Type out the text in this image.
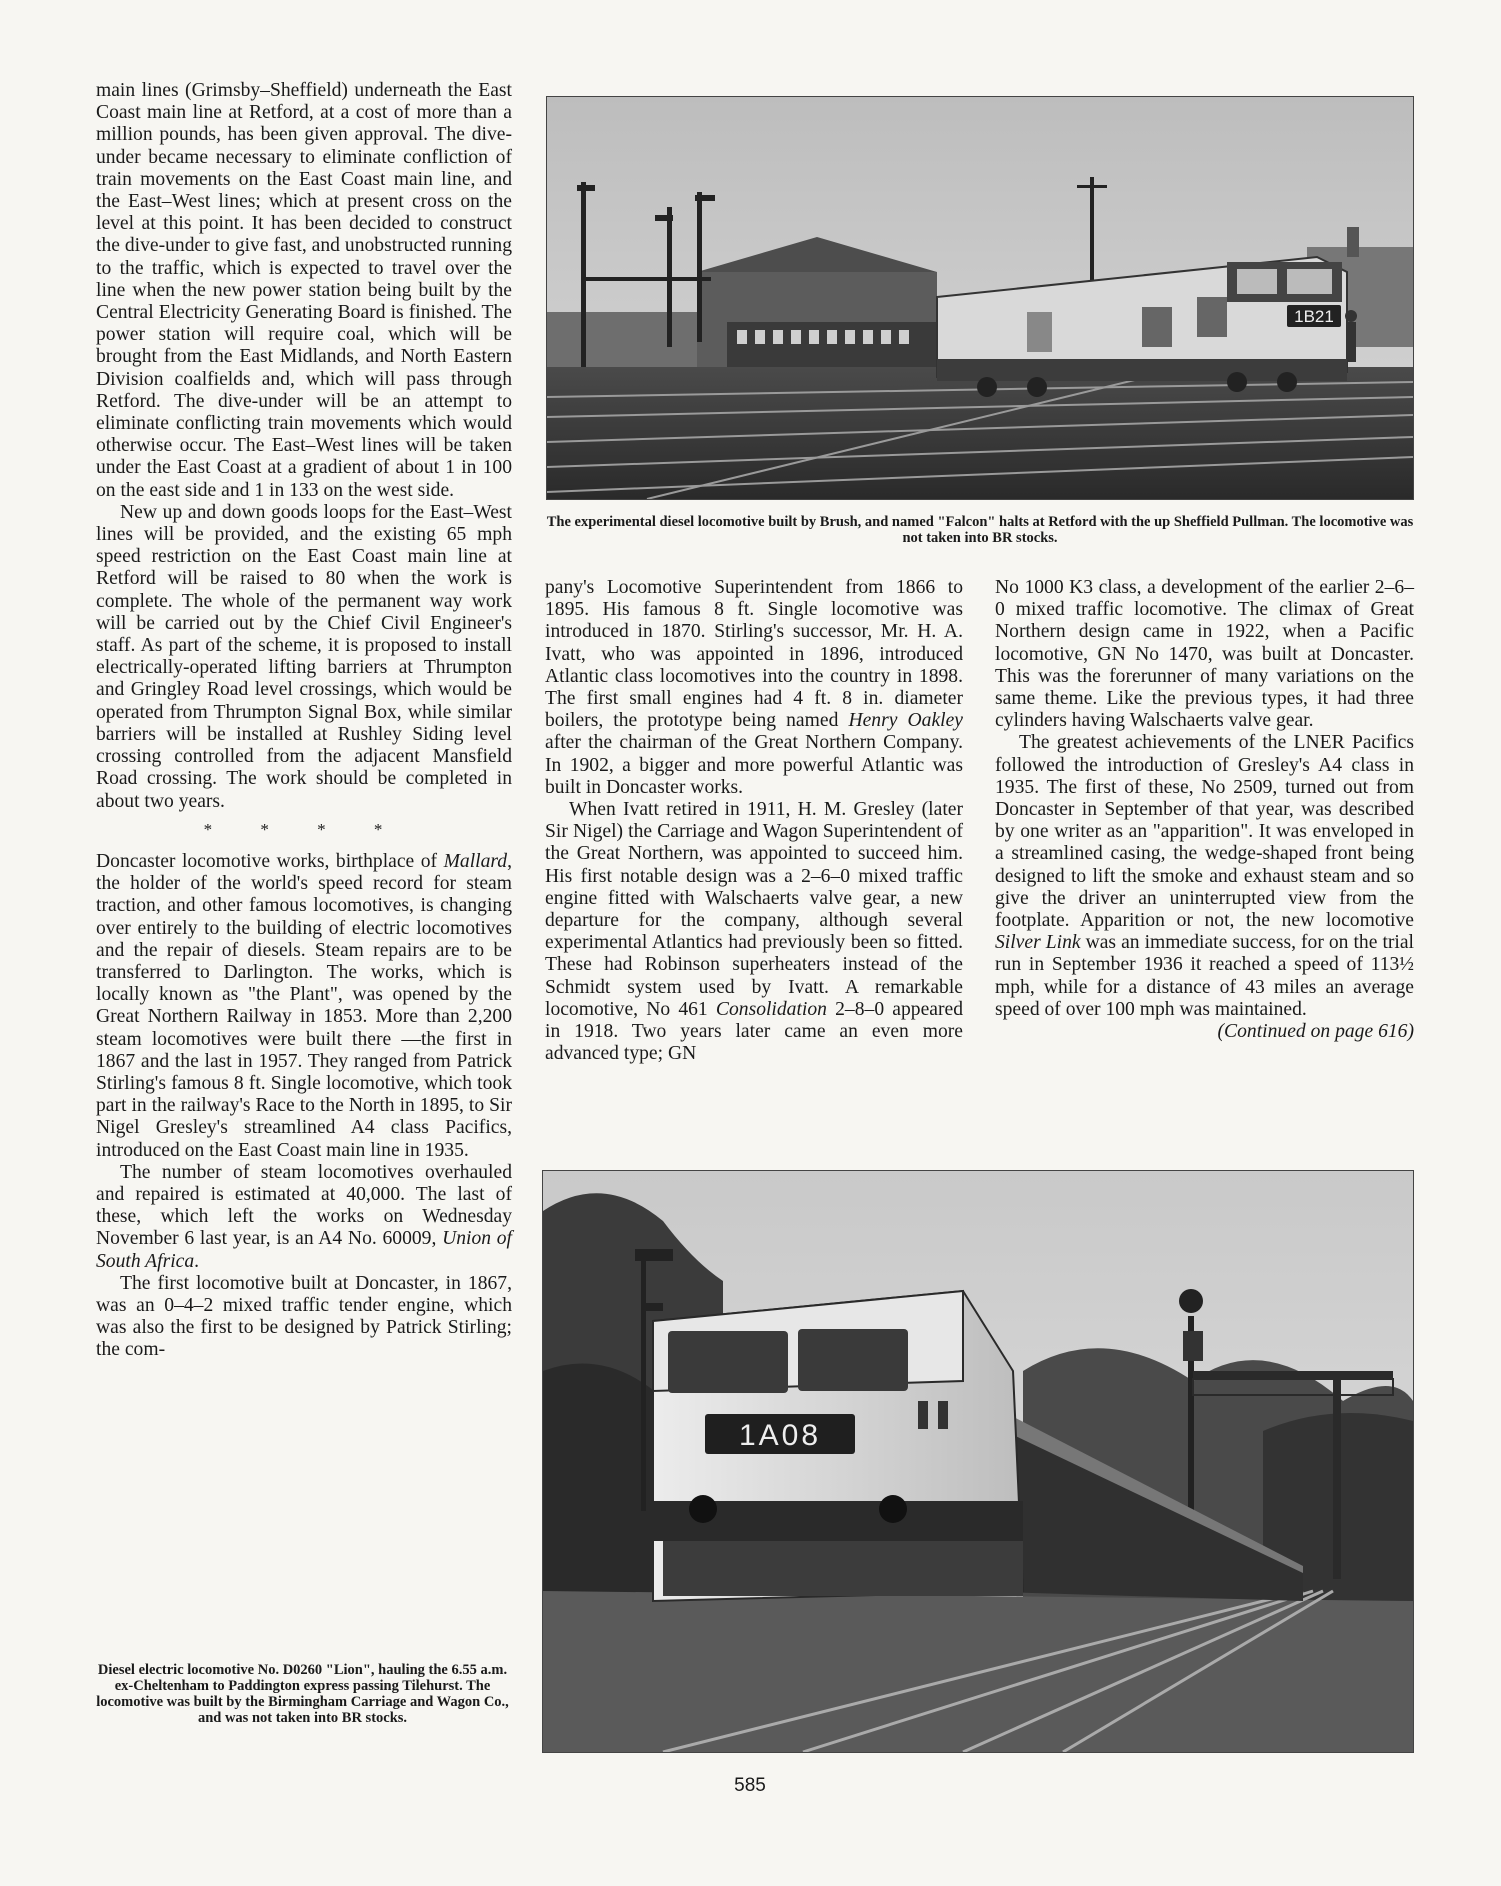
main lines (Grimsby–Sheffield) underneath the East Coast main line at Retford, at a cost of more than a million pounds, has been given approval. The dive-under became necessary to eliminate confliction of train movements on the East Coast main line, and the East–West lines; which at present cross on the level at this point. It has been decided to construct the dive-under to give fast, and unobstructed running to the traffic, which is expected to travel over the line when the new power station being built by the Central Electricity Generating Board is finished. The power station will require coal, which will be brought from the East Midlands, and North Eastern Division coalfields and, which will pass through Retford. The dive-under will be an attempt to eliminate conflicting train movements which would otherwise occur. The East–West lines will be taken under the East Coast at a gradient of about 1 in 100 on the east side and 1 in 133 on the west side.

New up and down goods loops for the East–West lines will be provided, and the existing 65 mph speed restriction on the East Coast main line at Retford will be raised to 80 when the work is complete. The whole of the permanent way work will be carried out by the Chief Civil Engineer's staff. As part of the scheme, it is proposed to install electrically-operated lifting barriers at Thrumpton and Gringley Road level crossings, which would be operated from Thrumpton Signal Box, while similar barriers will be installed at Rushley Siding level crossing controlled from the adjacent Mansfield Road crossing. The work should be completed in about two years.

* * * *

Doncaster locomotive works, birthplace of Mallard, the holder of the world's speed record for steam traction, and other famous locomotives, is changing over entirely to the building of electric locomotives and the repair of diesels. Steam repairs are to be transferred to Darlington. The works, which is locally known as "the Plant", was opened by the Great Northern Railway in 1853. More than 2,200 steam locomotives were built there —the first in 1867 and the last in 1957. They ranged from Patrick Stirling's famous 8 ft. Single locomotive, which took part in the railway's Race to the North in 1895, to Sir Nigel Gresley's streamlined A4 class Pacifics, introduced on the East Coast main line in 1935.

The number of steam locomotives overhauled and repaired is estimated at 40,000. The last of these, which left the works on Wednesday November 6 last year, is an A4 No. 60009, Union of South Africa.

The first locomotive built at Doncaster, in 1867, was an 0–4–2 mixed traffic tender engine, which was also the first to be designed by Patrick Stirling; the com-

1B21
The experimental diesel locomotive built by Brush, and named "Falcon" halts at Retford with the up Sheffield Pullman. The locomotive was not taken into BR stocks.

pany's Locomotive Superintendent from 1866 to 1895. His famous 8 ft. Single locomotive was introduced in 1870. Stirling's successor, Mr. H. A. Ivatt, who was appointed in 1896, introduced Atlantic class locomotives into the country in 1898. The first small engines had 4 ft. 8 in. diameter boilers, the prototype being named Henry Oakley after the chairman of the Great Northern Company. In 1902, a bigger and more powerful Atlantic was built in Doncaster works.

When Ivatt retired in 1911, H. M. Gresley (later Sir Nigel) the Carriage and Wagon Superintendent of the Great Northern, was appointed to succeed him. His first notable design was a 2–6–0 mixed traffic engine fitted with Walschaerts valve gear, a new departure for the company, although several experimental Atlantics had previously been so fitted. These had Robinson superheaters instead of the Schmidt system used by Ivatt. A remarkable locomotive, No 461 Consolidation 2–8–0 appeared in 1918. Two years later came an even more advanced type; GN

No 1000 K3 class, a development of the earlier 2–6–0 mixed traffic locomotive. The climax of Great Northern design came in 1922, when a Pacific locomotive, GN No 1470, was built at Doncaster. This was the forerunner of many variations on the same theme. Like the previous types, it had three cylinders having Walschaerts valve gear.

The greatest achievements of the LNER Pacifics followed the introduction of Gresley's A4 class in 1935. The first of these, No 2509, turned out from Doncaster in September of that year, was described by one writer as an "apparition". It was enveloped in a streamlined casing, the wedge-shaped front being designed to lift the smoke and exhaust steam and so give the driver an uninterrupted view from the footplate. Apparition or not, the new locomotive Silver Link was an immediate success, for on the trial run in September 1936 it reached a speed of 113½ mph, while for a distance of 43 miles an average speed of over 100 mph was maintained.

(Continued on page 616)

1A08
Diesel electric locomotive No. D0260 "Lion", hauling the 6.55 a.m. ex-Cheltenham to Paddington express passing Tilehurst. The locomotive was built by the Birmingham Carriage and Wagon Co., and was not taken into BR stocks.
585
